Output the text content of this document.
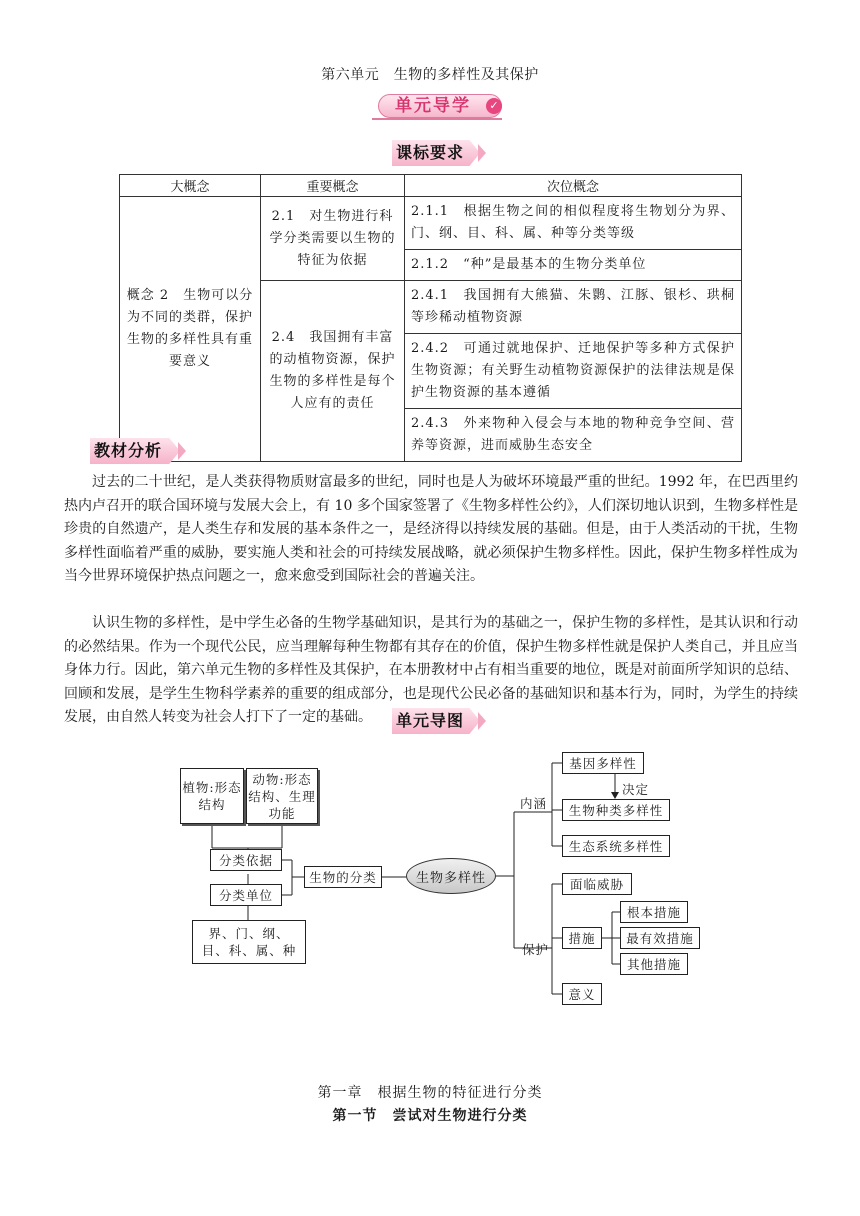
第六单元　生物的多样性及其保护
单元导学	✓
课标要求
大概念	重要概念	次位概念
概念 2　生物可以分为不同的类群，保护生物的多样性具有重要意义	2.1　对生物进行科学分类需要以生物的特征为依据	2.1.1　根据生物之间的相似程度将生物划分为界、门、纲、目、科、属、种等分类等级
		2.1.2　“种”是最基本的生物分类单位
	2.4　我国拥有丰富的动植物资源，保护生物的多样性是每个人应有的责任	2.4.1　我国拥有大熊猫、朱鹮、江豚、银杉、珙桐等珍稀动植物资源
		2.4.2　可通过就地保护、迁地保护等多种方式保护生物资源；有关野生动植物资源保护的法律法规是保护生物资源的基本遵循
		2.4.3　外来物种入侵会与本地的物种竞争空间、营养等资源，进而威胁生态安全
教材分析

过去的二十世纪，是人类获得物质财富最多的世纪，同时也是人为破坏环境最严重的世纪。1992 年，在巴西里约热内卢召开的联合国环境与发展大会上，有 10 多个国家签署了《生物多样性公约》，人们深切地认识到，生物多样性是珍贵的自然遗产，是人类生存和发展的基本条件之一，是经济得以持续发展的基础。但是，由于人类活动的干扰，生物多样性面临着严重的威胁，要实施人类和社会的可持续发展战略，就必须保护生物多样性。因此，保护生物多样性成为当今世界环境保护热点问题之一，愈来愈受到国际社会的普遍关注。

认识生物的多样性，是中学生必备的生物学基础知识，是其行为的基础之一，保护生物的多样性，是其认识和行动的必然结果。作为一个现代公民，应当理解每种生物都有其存在的价值，保护生物多样性就是保护人类自己，并且应当身体力行。因此，第六单元生物的多样性及其保护，在本册教材中占有相当重要的地位，既是对前面所学知识的总结、回顾和发展，是学生生物科学素养的重要的组成部分，也是现代公民必备的基础知识和基本行为，同时，为学生的持续发展，由自然人转变为社会人打下了一定的基础。	单元导图
植物:形态结构
动物:形态结构、生理功能
分类依据
分类单位
界、门、纲、目、科、属、种
生物的分类	生物多样性
内涵
基因多样性
决定
生物种类多样性
生态系统多样性
保护
面临威胁
措施
根本措施
最有效措施
其他措施
意义
第一章　根据生物的特征进行分类
第一节　尝试对生物进行分类
